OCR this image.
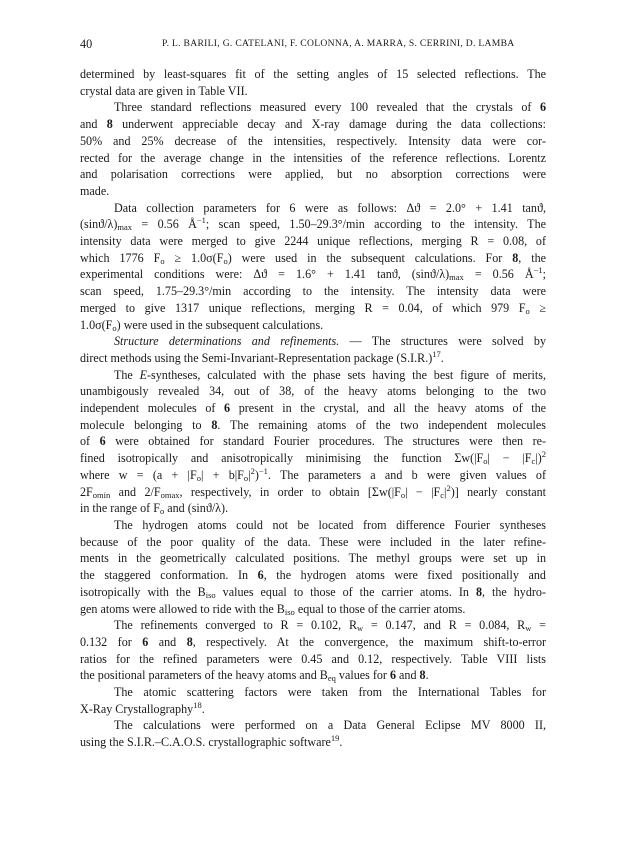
40	P. L. BARILI, G. CATELANI, F. COLONNA, A. MARRA, S. CERRINI, D. LAMBA
determined by least-squares fit of the setting angles of 15 selected reflections. The
crystal data are given in Table VII.
Three standard reflections measured every 100 revealed that the crystals of 6
and 8 underwent appreciable decay and X-ray damage during the data collections:
50% and 25% decrease of the intensities, respectively. Intensity data were cor-
rected for the average change in the intensities of the reference reflections. Lorentz
and polarisation corrections were applied, but no absorption corrections were
made.
Data collection parameters for 6 were as follows: Δϑ = 2.0° + 1.41 tanϑ,
$(\sin ϑ/\lambda)_{max} = 0.56$ $Å^{-1}$; scan speed, 1.50–29.3°/min according to the intensity. The
intensity data were merged to give 2244 unique reflections, merging R = 0.08, of
which 1776 $F_o \ge 1.0\sigma(F_o)$ were used in the subsequent calculations. For 8, the
experimental conditions were: Δϑ = 1.6° + 1.41 tanϑ, $(\sin ϑ/\lambda)_{max} = 0.56$ $Å^{-1}$;
scan speed, 1.75–29.3°/min according to the intensity. The intensity data were
merged to give 1317 unique reflections, merging R = 0.04, of which 979 $F_o$ ≥
$1.0\sigma(F_o)$ were used in the subsequent calculations.
Structure determinations and refinements. — The structures were solved by
direct methods using the Semi-Invariant-Representation package $(S.I.R.)^{17}$.
The E-syntheses, calculated with the phase sets having the best figure of merits,
unambigously revealed 34, out of 38, of the heavy atoms belonging to the two
independent molecules of 6 present in the crystal, and all the heavy atoms of the
molecule belonging to 8. The remaining atoms of the two independent molecules
of 6 were obtained for standard Fourier procedures. The structures were then re-
fined isotropically and anisotropically minimising the function $\Sigma w(|F_o| - |F_c|)^2$
where $w = (a + |F_o| + b|F_o|^2)^{-1}$. The parameters a and b were given values of
$2F_{omin}$ and $2/F_{omax}$, respectively, in order to obtain $[\Sigma w(|F_o| - |F_c|^2)]$ nearly constant
in the range of $F_o$ and (sinϑ/λ).
The hydrogen atoms could not be located from difference Fourier syntheses
because of the poor quality of the data. These were included in the later refine-
ments in the geometrically calculated positions. The methyl groups were set up in
the staggered conformation. In 6, the hydrogen atoms were fixed positionally and
isotropically with the $B_{iso}$ values equal to those of the carrier atoms. In 8, the hydro-
gen atoms were allowed to ride with the $B_{iso}$ equal to those of the carrier atoms.
The refinements converged to R = 0.102, $R_w = 0.147$, and R = 0.084, $R_w$ =
0.132 for 6 and 8, respectively. At the convergence, the maximum shift-to-error
ratios for the refined parameters were 0.45 and 0.12, respectively. Table VIII lists
the positional parameters of the heavy atoms and $B_{eq}$ values for 6 and 8.
The atomic scattering factors were taken from the International Tables for
X-Ray Crystallography$^{18}$.
The calculations were performed on a Data General Eclipse MV 8000 II,
using the S.I.R.–C.A.O.S. crystallographic software$^{19}$.
